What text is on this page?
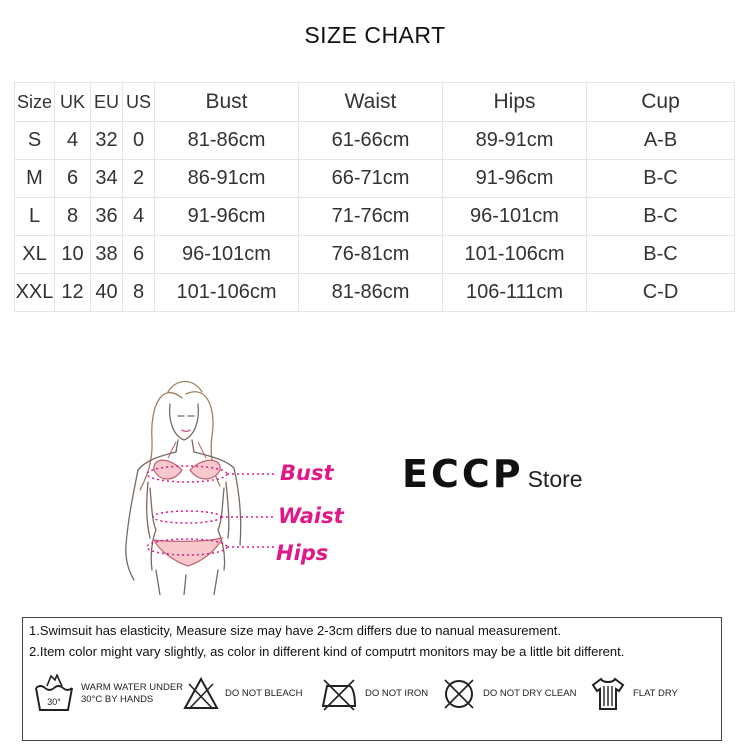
SIZE CHART
Size	UK	EU	US	Bust	Waist	Hips	Cup
S	4	32	0	81-86cm	61-66cm	89-91cm	A-B
M	6	34	2	86-91cm	66-71cm	91-96cm	B-C
L	8	36	4	91-96cm	71-76cm	96-101cm	B-C
XL	10	38	6	96-101cm	76-81cm	101-106cm	B-C
XXL	12	40	8	101-106cm	81-86cm	106-111cm	C-D
Bust
Waist
Hips
ECCP Store
1.Swimsuit has elasticity, Measure size may have 2-3cm differs due to nanual measurement.
2.Item color might vary slightly, as color in different kind of computrt monitors may be a little bit different.
30°
WARM WATER UNDER
30°C BY HANDS
DO NOT BLEACH	DO NOT IRON	DO NOT DRY CLEAN	FLAT DRY
